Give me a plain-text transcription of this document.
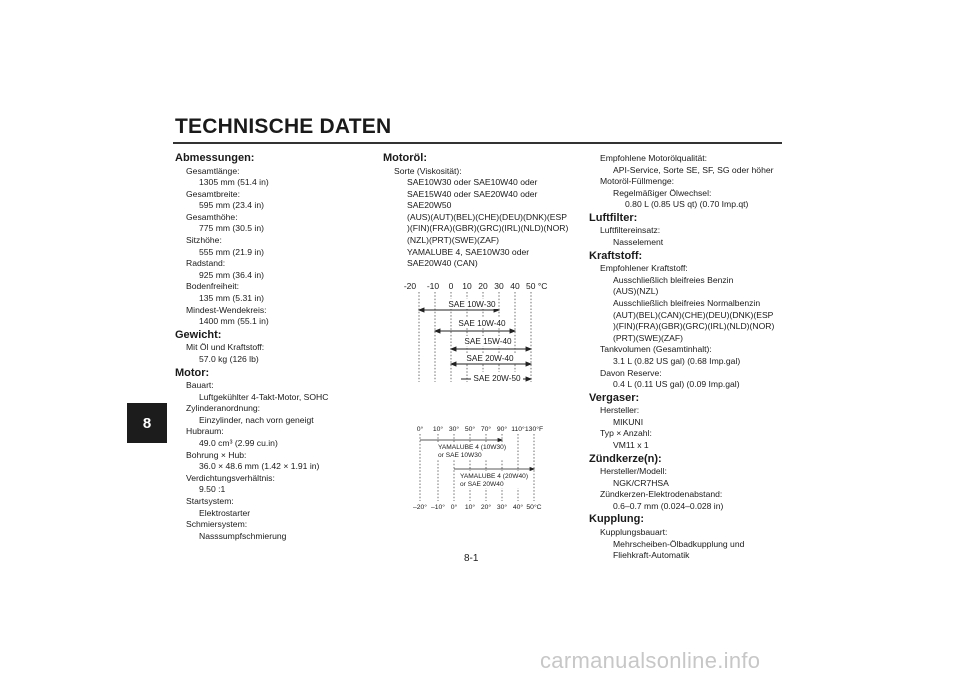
TECHNISCHE DATEN
8
8-1
carmanualsonline.info
Abmessungen:
Gesamtlänge:
1305 mm (51.4 in)
Gesamtbreite:
595 mm (23.4 in)
Gesamthöhe:
775 mm (30.5 in)
Sitzhöhe:
555 mm (21.9 in)
Radstand:
925 mm (36.4 in)
Bodenfreiheit:
135 mm (5.31 in)
Mindest-Wendekreis:
1400 mm (55.1 in)
Gewicht:
Mit Öl und Kraftstoff:
57.0 kg (126 lb)
Motor:
Bauart:
Luftgekühlter 4-Takt-Motor, SOHC
Zylinderanordnung:
Einzylinder, nach vorn geneigt
Hubraum:
49.0 cm³ (2.99 cu.in)
Bohrung × Hub:
36.0 × 48.6 mm (1.42 × 1.91 in)
Verdichtungsverhältnis:
9.50 :1
Startsystem:
Elektrostarter
Schmiersystem:
Nasssumpfschmierung
Motoröl:
Sorte (Viskosität):
SAE10W30 oder SAE10W40 oder
SAE15W40 oder SAE20W40 oder
SAE20W50
(AUS)(AUT)(BEL)(CHE)(DEU)(DNK)(ESP
)(FIN)(FRA)(GBR)(GRC)(IRL)(NLD)(NOR)
(NZL)(PRT)(SWE)(ZAF)
YAMALUBE 4, SAE10W30 oder
SAE20W40 (CAN)
-20 -10 0 10 20 30 40 50 °C
SAE 10W-30
SAE 10W-40
SAE 15W-40
SAE 20W-40
SAE 20W-50
0° 10° 30° 50° 70° 90° 110° 130°F
–20° –10° 0° 10° 20° 30° 40° 50°C
YAMALUBE 4 (10W30)
or SAE 10W30
YAMALUBE 4 (20W40)
or SAE 20W40
Empfohlene Motorölqualität:
API-Service, Sorte SE, SF, SG oder höher
Motoröl-Füllmenge:
Regelmäßiger Ölwechsel:
0.80 L (0.85 US qt) (0.70 Imp.qt)
Luftfilter:
Luftfiltereinsatz:
Nasselement
Kraftstoff:
Empfohlener Kraftstoff:
Ausschließlich bleifreies Benzin
(AUS)(NZL)
Ausschließlich bleifreies Normalbenzin
(AUT)(BEL)(CAN)(CHE)(DEU)(DNK)(ESP
)(FIN)(FRA)(GBR)(GRC)(IRL)(NLD)(NOR)
(PRT)(SWE)(ZAF)
Tankvolumen (Gesamtinhalt):
3.1 L (0.82 US gal) (0.68 Imp.gal)
Davon Reserve:
0.4 L (0.11 US gal) (0.09 Imp.gal)
Vergaser:
Hersteller:
MIKUNI
Typ × Anzahl:
VM11 x 1
Zündkerze(n):
Hersteller/Modell:
NGK/CR7HSA
Zündkerzen-Elektrodenabstand:
0.6–0.7 mm (0.024–0.028 in)
Kupplung:
Kupplungsbauart:
Mehrscheiben-Ölbadkupplung und
Fliehkraft-Automatik
